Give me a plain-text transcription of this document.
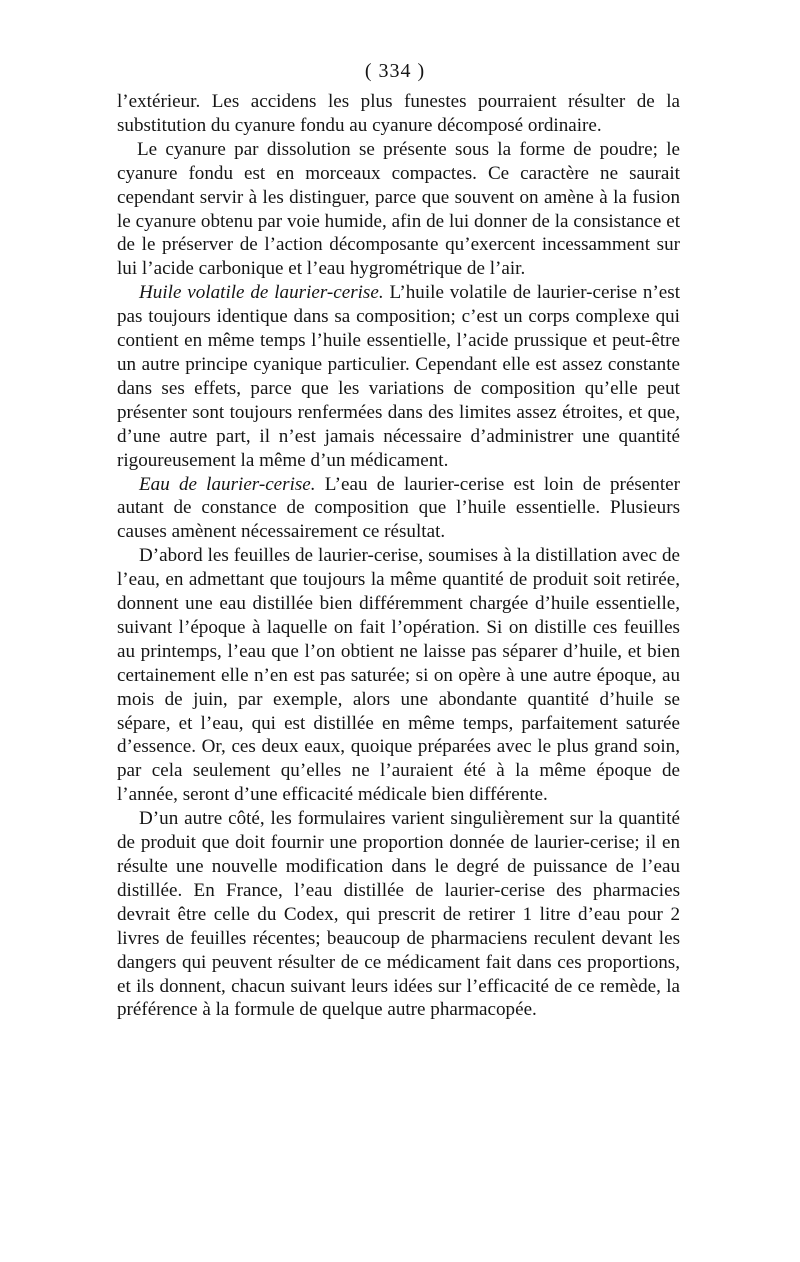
( 334 )

l’extérieur. Les accidens les plus funestes pourraient résulter de la substitution du cyanure fondu au cyanure décomposé ordinaire.

Le cyanure par dissolution se présente sous la forme de poudre; le cyanure fondu est en morceaux compactes. Ce caractère ne saurait cependant servir à les distinguer, parce que souvent on amène à la fusion le cyanure obtenu par voie humide, afin de lui donner de la consistance et de le préserver de l’action décomposante qu’exercent incessamment sur lui l’acide carbonique et l’eau hygrométrique de l’air.

Huile volatile de laurier-cerise. L’huile volatile de laurier-cerise n’est pas toujours identique dans sa composition; c’est un corps complexe qui contient en même temps l’huile essentielle, l’acide prussique et peut-être un autre principe cyanique particulier. Cependant elle est assez constante dans ses effets, parce que les variations de composition qu’elle peut présenter sont toujours renfermées dans des limites assez étroites, et que, d’une autre part, il n’est jamais nécessaire d’administrer une quantité rigoureusement la même d’un médicament.

Eau de laurier-cerise. L’eau de laurier-cerise est loin de présenter autant de constance de composition que l’huile essentielle. Plusieurs causes amènent nécessairement ce résultat.

D’abord les feuilles de laurier-cerise, soumises à la distillation avec de l’eau, en admettant que toujours la même quantité de produit soit retirée, donnent une eau distillée bien différemment chargée d’huile essentielle, suivant l’époque à laquelle on fait l’opération. Si on distille ces feuilles au printemps, l’eau que l’on obtient ne laisse pas séparer d’huile, et bien certainement elle n’en est pas saturée; si on opère à une autre époque, au mois de juin, par exemple, alors une abondante quantité d’huile se sépare, et l’eau, qui est distillée en même temps, parfaitement saturée d’essence. Or, ces deux eaux, quoique préparées avec le plus grand soin, par cela seulement qu’elles ne l’auraient été à la même époque de l’année, seront d’une efficacité médicale bien différente.

D’un autre côté, les formulaires varient singulièrement sur la quantité de produit que doit fournir une proportion donnée de laurier-cerise; il en résulte une nouvelle modification dans le degré de puissance de l’eau distillée. En France, l’eau distillée de laurier-cerise des pharmacies devrait être celle du Codex, qui prescrit de retirer 1 litre d’eau pour 2 livres de feuilles récentes; beaucoup de pharmaciens reculent devant les dangers qui peuvent résulter de ce médicament fait dans ces proportions, et ils donnent, chacun suivant leurs idées sur l’efficacité de ce remède, la préférence à la formule de quelque autre pharmacopée.
